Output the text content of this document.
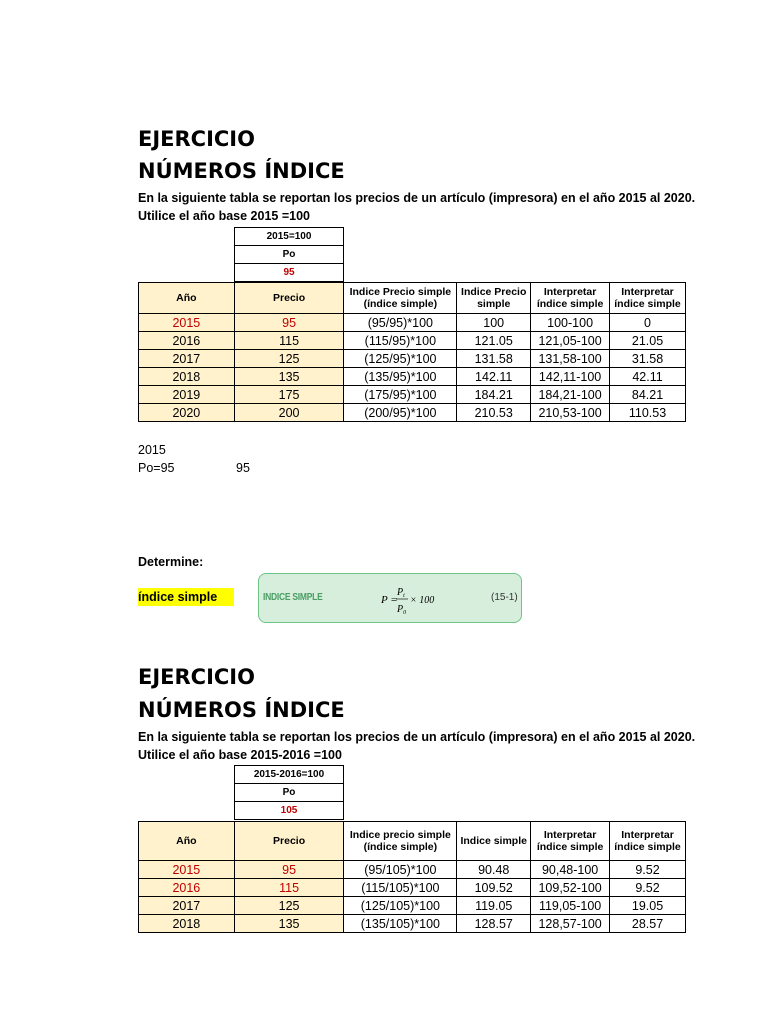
EJERCICIO
NÚMEROS ÍNDICE
En la siguiente tabla se reportan los precios de un artículo (impresora) en el año 2015 al 2020.
Utilice el año base 2015 =100
2015=100
Po
95
Año	Precio	Indice Precio simple (índice simple)	Indice Precio simple	Interpretar índice simple	Interpretar índice simple
2015	95	(95/95)*100	100	100-100	0
2016	115	(115/95)*100	121.05	121,05-100	21.05
2017	125	(125/95)*100	131.58	131,58-100	31.58
2018	135	(135/95)*100	142.11	142,11-100	42.11
2019	175	(175/95)*100	184.21	184,21-100	84.21
2020	200	(200/95)*100	210.53	210,53-100	110.53
2015
Po=95	95
Determine:
índice simple	INDICE SIMPLE	P =
$P_t$
$P_0$
× 100	(15-1)
EJERCICIO
NÚMEROS ÍNDICE
En la siguiente tabla se reportan los precios de un artículo (impresora) en el año 2015 al 2020.
Utilice el año base 2015-2016 =100
2015-2016=100
Po
105
Año	Precio	Indice precio simple (índice simple)	Indice simple	Interpretar índice simple	Interpretar índice simple
2015	95	(95/105)*100	90.48	90,48-100	9.52
2016	115	(115/105)*100	109.52	109,52-100	9.52
2017	125	(125/105)*100	119.05	119,05-100	19.05
2018	135	(135/105)*100	128.57	128,57-100	28.57
